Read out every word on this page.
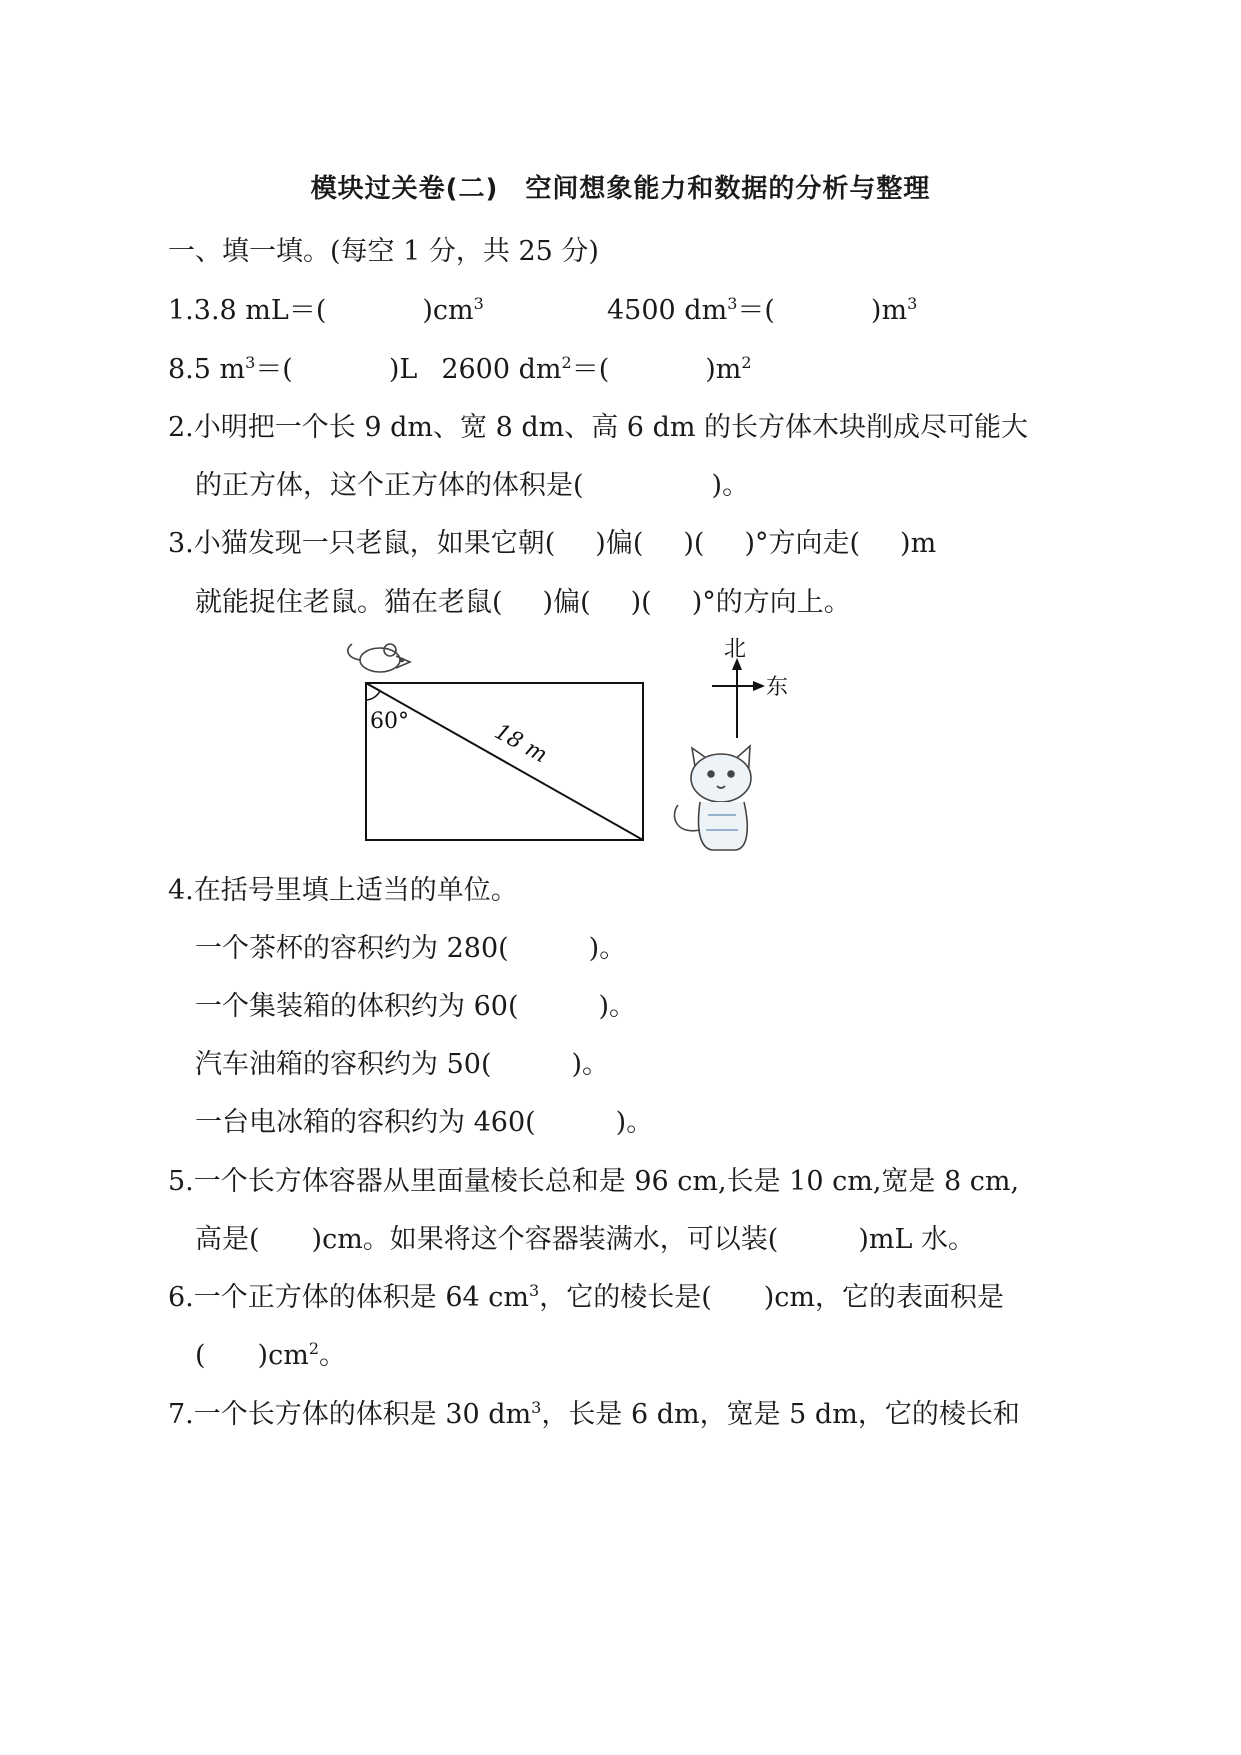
模块过关卷(二)　空间想象能力和数据的分析与整理
一、填一填。(每空 1 分，共 25 分)
1.3.8 mL＝(	)$cm^3$	4500 $dm^3=$(	)$m^3$
8.5 $m^3=$(	)L 2600 $dm^2=$(	)$m^2$
2.小明把一个长 9 dm、宽 8 dm、高 6 dm 的长方体木块削成尽可能大
的正方体，这个正方体的体积是(	)。
3.小猫发现一只老鼠，如果它朝( )偏( )( )°方向走( )m
就能捉住老鼠。猫在老鼠( )偏( )( )°的方向上。
60°	18 m
北
东
4.在括号里填上适当的单位。
一个茶杯的容积约为 280(	)。
一个集装箱的体积约为 60(	)。
汽车油箱的容积约为 50(	)。
一台电冰箱的容积约为 460(	)。
5.一个长方体容器从里面量棱长总和是 96 cm,长是 10 cm,宽是 8 cm,
高是( )cm。如果将这个容器装满水，可以装(	)mL 水。
6.一个正方体的体积是 64 $cm^3$，它的棱长是( )cm，它的表面积是
( )$cm^2$。
7.一个长方体的体积是 30 $dm^3$，长是 6 dm，宽是 5 dm，它的棱长和
